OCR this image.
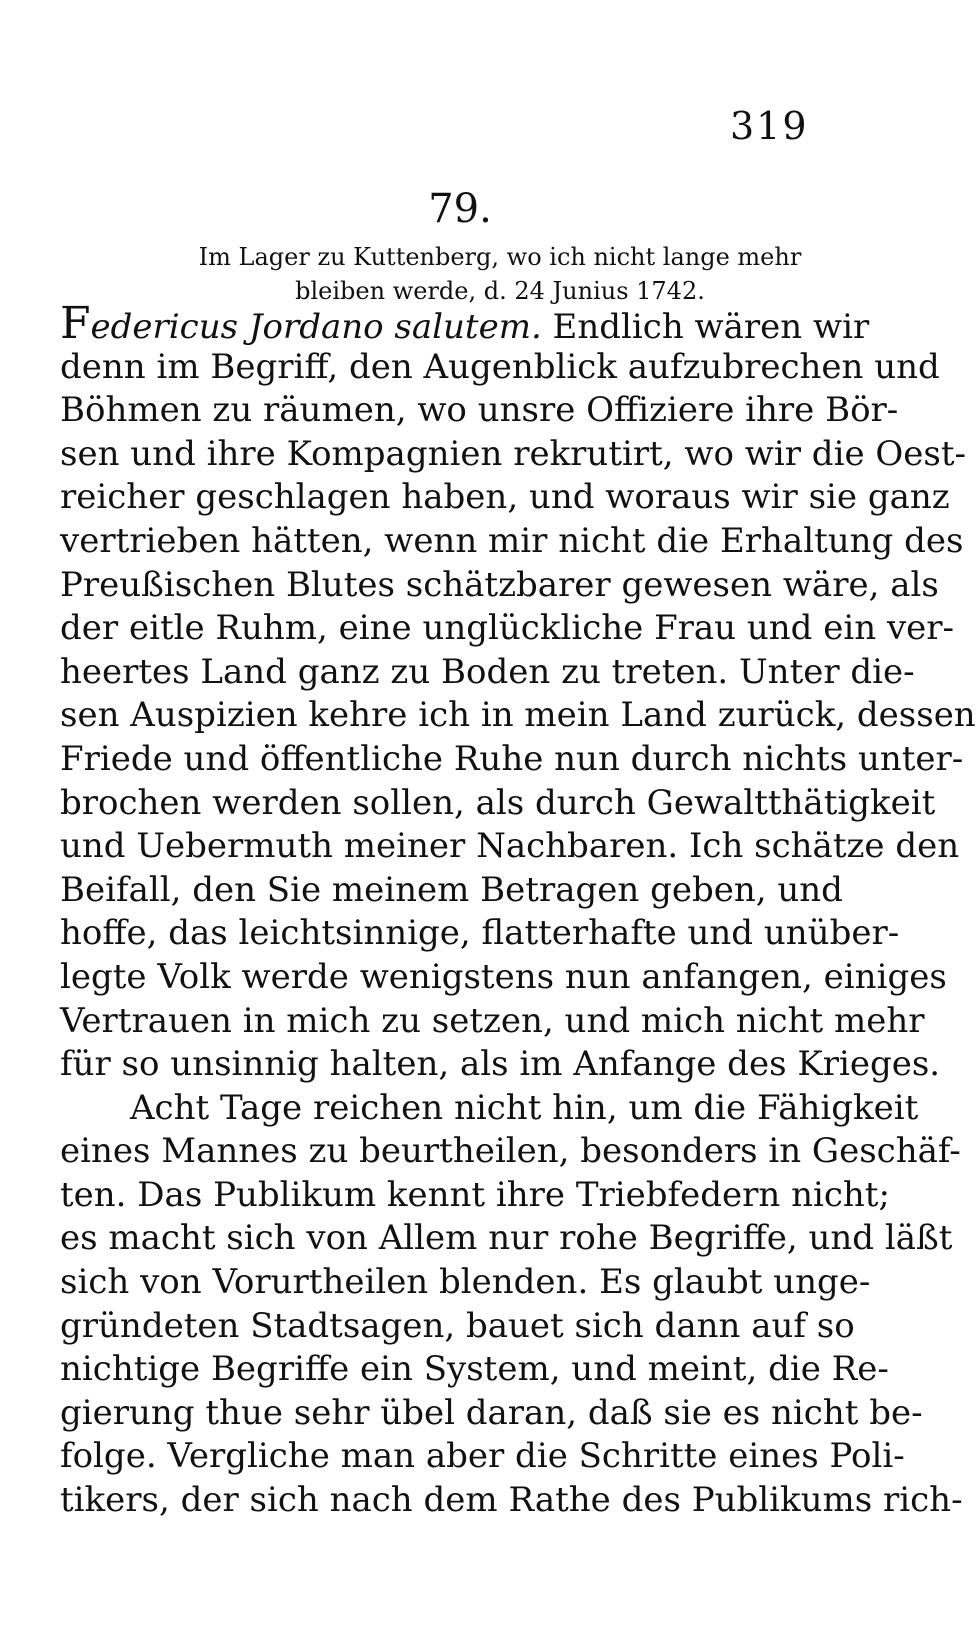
319
79.
Im Lager zu Kuttenberg, wo ich nicht lange mehr
bleiben werde, d. 24 Junius 1742.
Federicus Jordano salutem. Endlich wären wir
denn im Begriff, den Augenblick aufzubrechen und
Böhmen zu räumen, wo unsre Offiziere ihre Bör-
sen und ihre Kompagnien rekrutirt, wo wir die Oest-
reicher geschlagen haben, und woraus wir sie ganz
vertrieben hätten, wenn mir nicht die Erhaltung des
Preußischen Blutes schätzbarer gewesen wäre, als
der eitle Ruhm, eine unglückliche Frau und ein ver-
heertes Land ganz zu Boden zu treten. Unter die-
sen Auspizien kehre ich in mein Land zurück, dessen
Friede und öffentliche Ruhe nun durch nichts unter-
brochen werden sollen, als durch Gewaltthätigkeit
und Uebermuth meiner Nachbaren. Ich schätze den
Beifall, den Sie meinem Betragen geben, und
hoffe, das leichtsinnige, flatterhafte und unüber-
legte Volk werde wenigstens nun anfangen, einiges
Vertrauen in mich zu setzen, und mich nicht mehr
für so unsinnig halten, als im Anfange des Krieges.
Acht Tage reichen nicht hin, um die Fähigkeit
eines Mannes zu beurtheilen, besonders in Geschäf-
ten. Das Publikum kennt ihre Triebfedern nicht;
es macht sich von Allem nur rohe Begriffe, und läßt
sich von Vorurtheilen blenden. Es glaubt unge-
gründeten Stadtsagen, bauet sich dann auf so
nichtige Begriffe ein System, und meint, die Re-
gierung thue sehr übel daran, daß sie es nicht be-
folge. Vergliche man aber die Schritte eines Poli-
tikers, der sich nach dem Rathe des Publikums rich-
